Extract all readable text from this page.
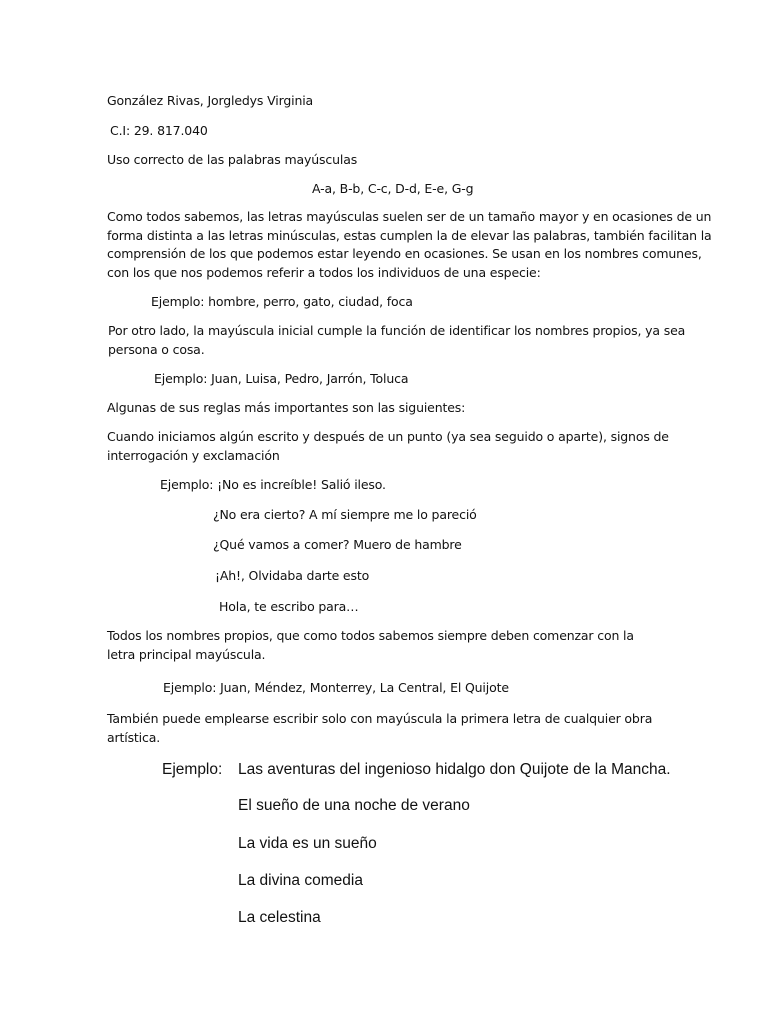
González Rivas, Jorgledys Virginia

C.I: 29. 817.040

Uso correcto de las palabras mayúsculas

A-a, B-b, C-c, D-d, E-e, G-g

Como todos sabemos, las letras mayúsculas suelen ser de un tamaño mayor y en ocasiones de un
forma distinta a las letras minúsculas, estas cumplen la de elevar las palabras, también facilitan la
comprensión de los que podemos estar leyendo en ocasiones. Se usan en los nombres comunes,
con los que nos podemos referir a todos los individuos de una especie:

Ejemplo: hombre, perro, gato, ciudad, foca

Por otro lado, la mayúscula inicial cumple la función de identificar los nombres propios, ya sea
persona o cosa.

Ejemplo: Juan, Luisa, Pedro, Jarrón, Toluca

Algunas de sus reglas más importantes son las siguientes:

Cuando iniciamos algún escrito y después de un punto (ya sea seguido o aparte), signos de
interrogación y exclamación

Ejemplo: ¡No es increíble! Salió ileso.

¿No era cierto? A mí siempre me lo pareció

¿Qué vamos a comer? Muero de hambre

¡Ah!, Olvidaba darte esto

Hola, te escribo para…

Todos los nombres propios, que como todos sabemos siempre deben comenzar con la
letra principal mayúscula.

Ejemplo: Juan, Méndez, Monterrey, La Central, El Quijote

También puede emplearse escribir solo con mayúscula la primera letra de cualquier obra
artística.

Ejemplo: Las aventuras del ingenioso hidalgo don Quijote de la Mancha.

El sueño de una noche de verano

La vida es un sueño

La divina comedia

La celestina
